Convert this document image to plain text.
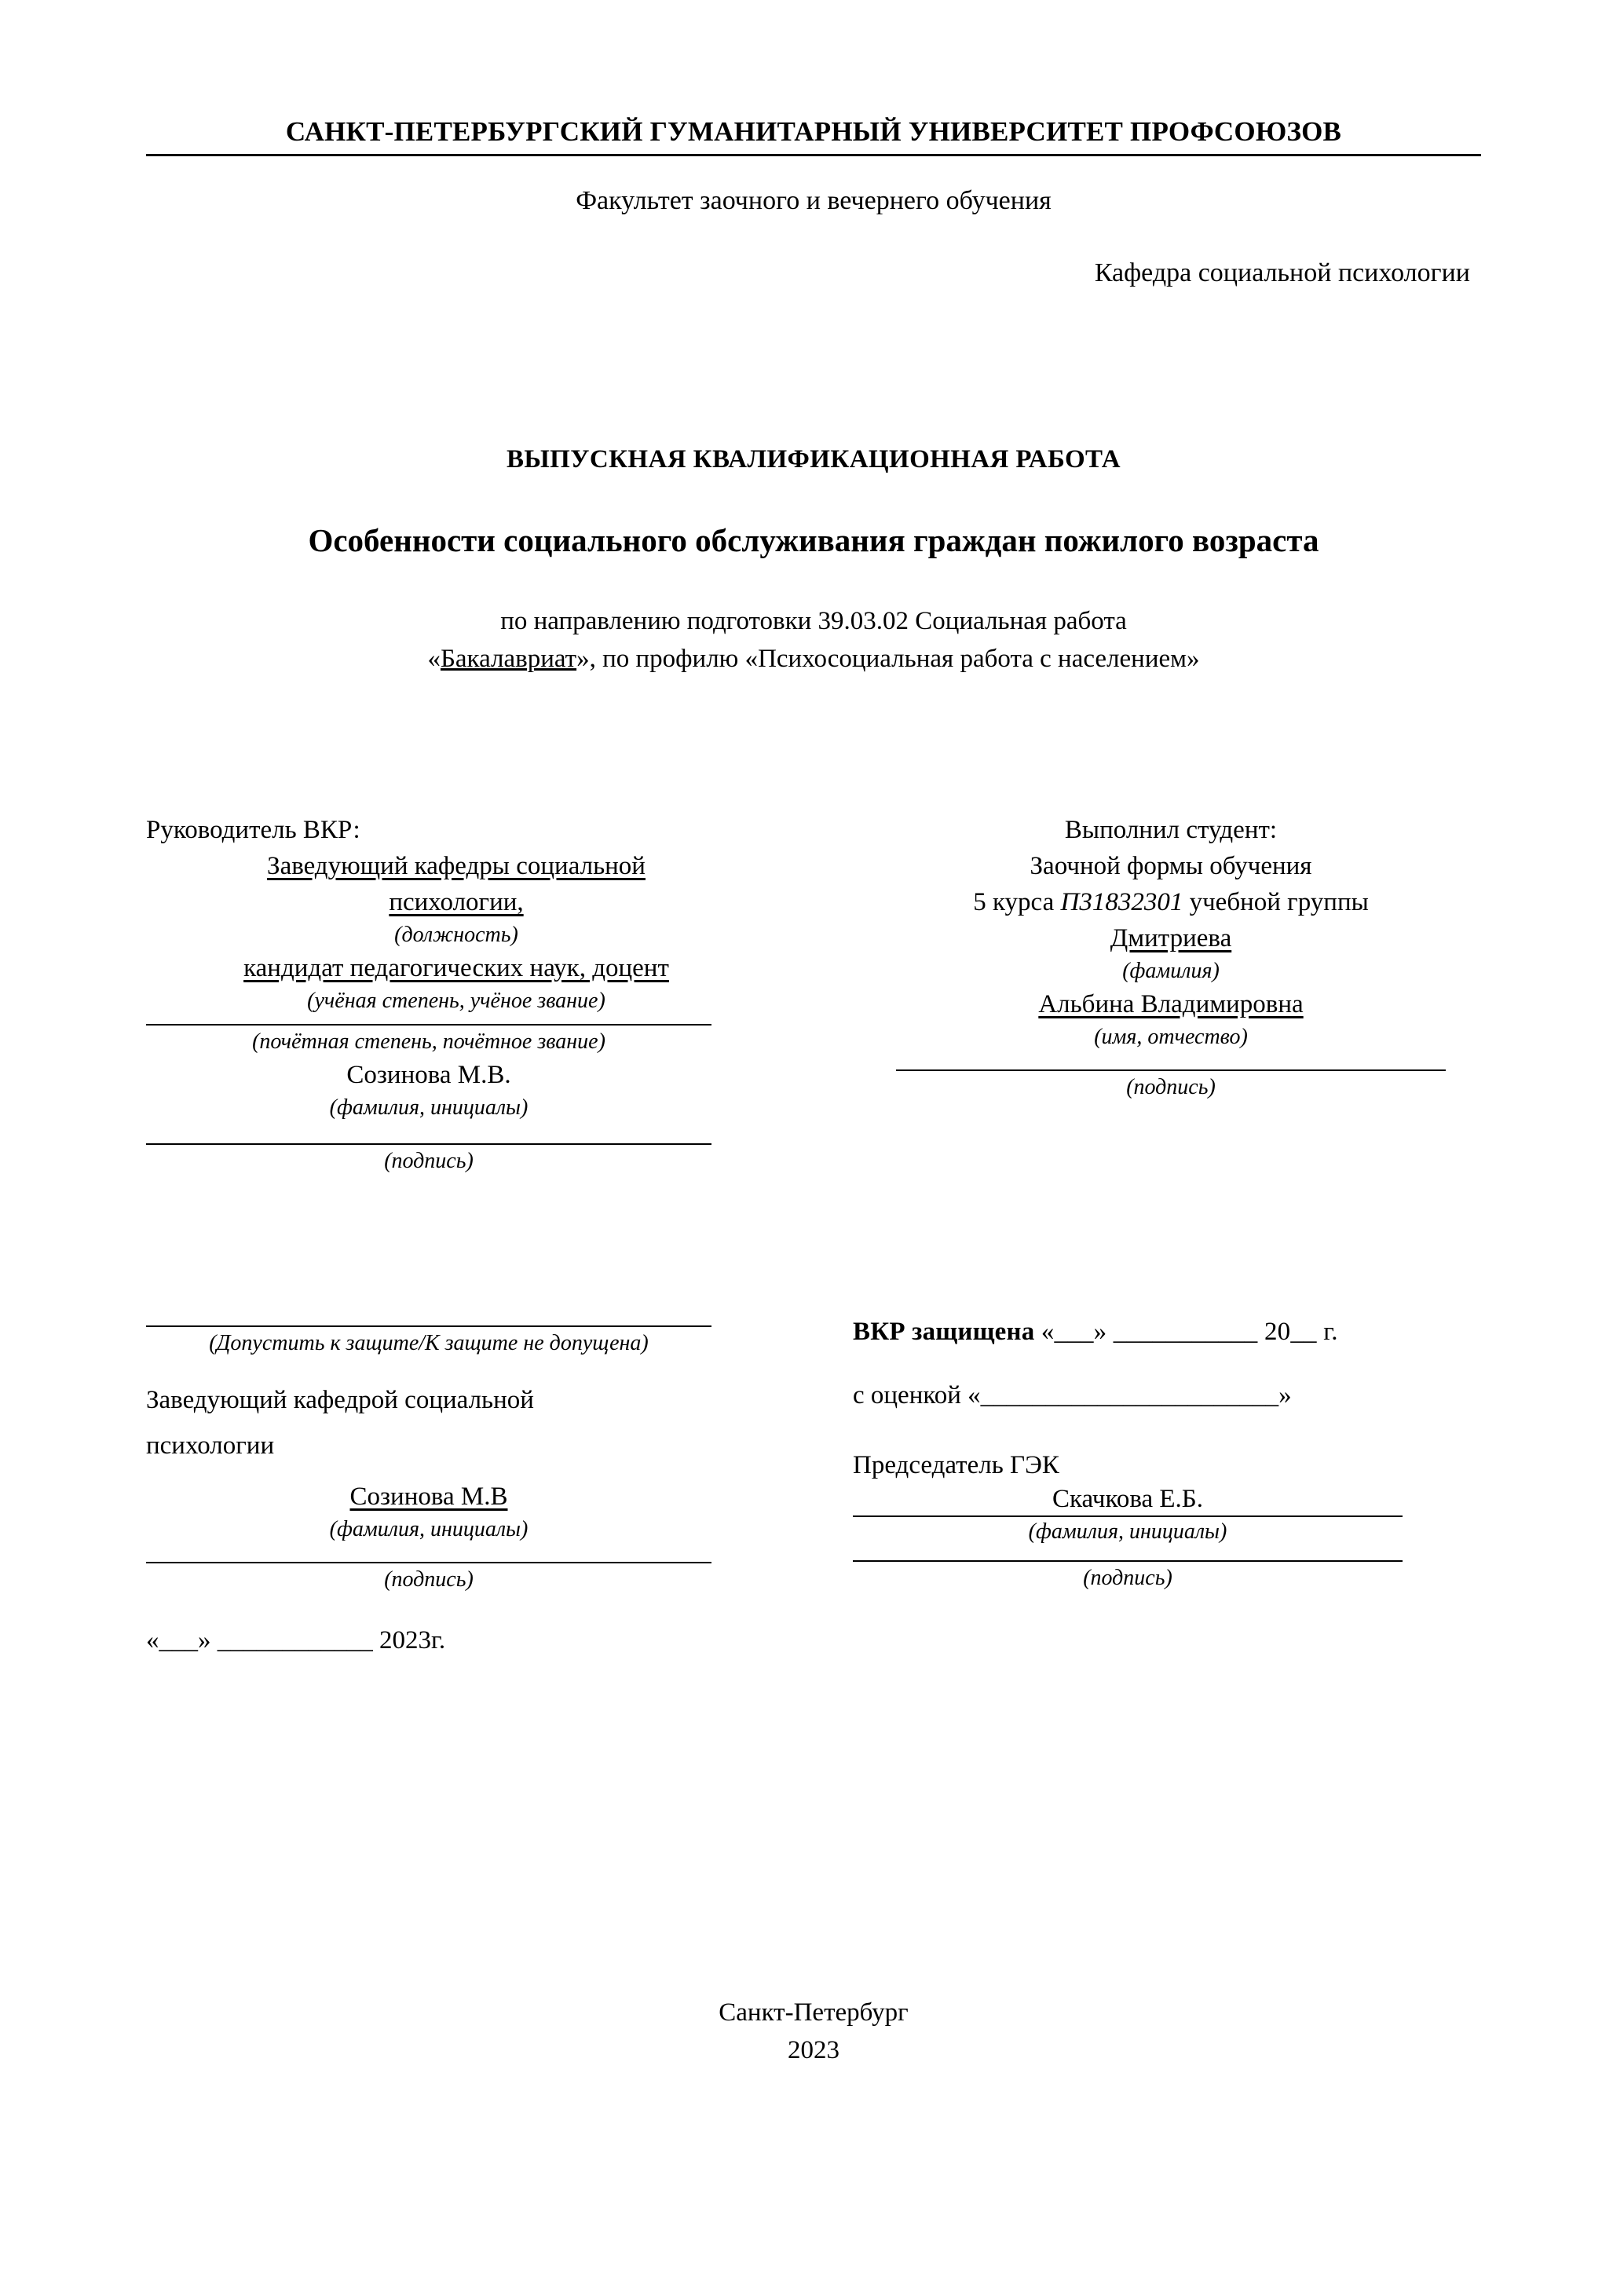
САНКТ-ПЕТЕРБУРГСКИЙ ГУМАНИТАРНЫЙ УНИВЕРСИТЕТ ПРОФСОЮЗОВ
Факультет заочного и вечернего обучения
Кафедра социальной психологии
ВЫПУСКНАЯ КВАЛИФИКАЦИОННАЯ РАБОТА
Особенности социального обслуживания граждан пожилого возраста
по направлению подготовки 39.03.02 Социальная работа
«Бакалавриат», по профилю «Психосоциальная работа с населением»
Руководитель ВКР:
Заведующий кафедры социальной
психологии,
(должность)
кандидат педагогических наук, доцент
(учёная степень, учёное звание)
(почётная степень, почётное звание)
Созинова М.В.
(фамилия, инициалы)
(подпись)
Выполнил студент:
Заочной формы обучения
5 курса П31832301 учебной группы
Дмитриева
(фамилия)
Альбина Владимировна
(имя, отчество)
(подпись)
(Допустить к защите/К защите не допущена)
Заведующий кафедрой социальной
психологии
Созинова М.В
(фамилия, инициалы)
(подпись)
«___» ____________ 2023г.
ВКР защищена «___» ___________ 20__ г.
с оценкой «_______________________»
Председатель ГЭК
Скачкова Е.Б.
(фамилия, инициалы)
(подпись)
Санкт-Петербург
2023
